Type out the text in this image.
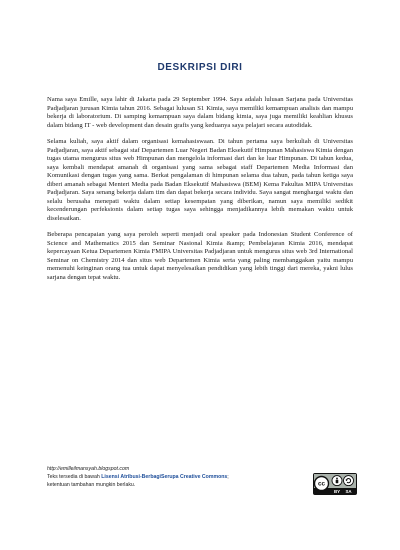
DESKRIPSI DIRI

Nama saya Emille, saya lahir di Jakarta pada 29 September 1994. Saya adalah lulusan Sarjana pada Universitas Padjadjaran jurusan Kimia tahun 2016. Sebagai lulusan S1 Kimia, saya memiliki kemampuan analisis dan mampu bekerja di laboratorium. Di samping kemampuan saya dalam bidang kimia, saya juga memiliki keahlian khusus dalam bidang IT - web development dan desain grafis yang keduanya saya pelajari secara autodidak.

Selama kuliah, saya aktif dalam organisasi kemahasiswaan. Di tahun pertama saya berkuliah di Universitas Padjadjaran, saya aktif sebagai staf Departemen Luar Negeri Badan Eksekutif Himpunan Mahasiswa Kimia dengan tugas utama mengurus situs web Himpunan dan mengelola informasi dari dan ke luar Himpunan. Di tahun kedua, saya kembali mendapat amanah di organisasi yang sama sebagai staff Departemen Media Informasi dan Komunikasi dengan tugas yang sama. Berkat pengalaman di himpunan selama dua tahun, pada tahun ketiga saya diberi amanah sebagai Menteri Media pada Badan Eksekutif Mahasiswa (BEM) Kema Fakultas MIPA Universitas Padjadjaran. Saya senang bekerja dalam tim dan dapat bekerja secara individu. Saya sangat menghargai waktu dan selalu berusaha menepati waktu dalam setiap kesempatan yang diberikan, namun saya memiliki sedikit kecenderungan perfeksionis dalam setiap tugas saya sehingga menjadikannya lebih memakan waktu untuk diselesaikan.

Beberapa pencapaian yang saya peroleh seperti menjadi oral speaker pada Indonesian Student Conference of Science and Mathematics 2015 dan Seminar Nasional Kimia &amp; Pembelajaran Kimia 2016, mendapat kepercayaan Ketua Departemen Kimia FMIPA Universitas Padjadjaran untuk mengurus situs web 3rd International Seminar on Chemistry 2014 dan situs web Departemen Kimia serta yang paling membanggakan yaitu mampu memenuhi keinginan orang tua untuk dapat menyelesaikan pendidikan yang lebih tinggi dari mereka, yakni lulus sarjana dengan tepat waktu.

http://emilleilmansyah.blogspot.com
Teks tersedia di bawah Lisensi Atribusi-BerbagiSerupa Creative Commons;
ketentuan tambahan mungkin berlaku.	cc
BY SA
